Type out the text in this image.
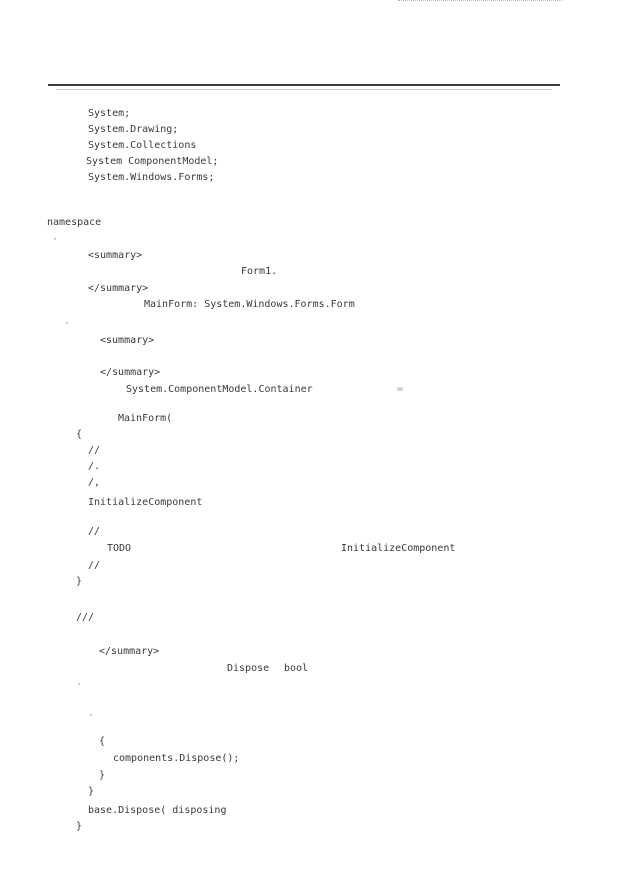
System;
System.Drawing;
System.Collections
System ComponentModel;
System.Windows.Forms;
namespace
·
<summary>
Form1.
</summary>
MainForm: System.Windows.Forms.Form
·
<summary>
</summary>
System.ComponentModel.Container	=
MainForm(
{
//
/.
/,
InitializeComponent
//
TODO	InitializeComponent
//
}
///
</summary>
Dispose bool
·
·
{
components.Dispose();
}
}
base.Dispose( disposing
}
